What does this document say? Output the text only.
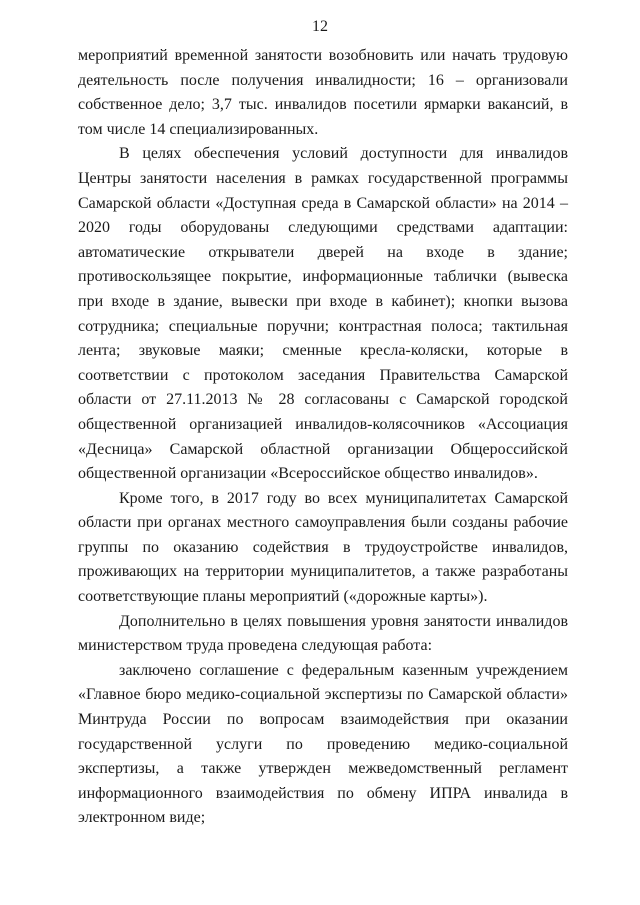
12

мероприятий временной занятости возобновить или начать трудовую деятельность после получения инвалидности; 16 – организовали собственное дело; 3,7 тыс. инвалидов посетили ярмарки вакансий, в том числе 14 специализированных.

В целях обеспечения условий доступности для инвалидов Центры занятости населения в рамках государственной программы Самарской области «Доступная среда в Самарской области» на 2014 – 2020 годы оборудованы следующими средствами адаптации: автоматические открыватели дверей на входе в здание; противоскользящее покрытие, информационные таблички (вывеска при входе в здание, вывески при входе в кабинет); кнопки вызова сотрудника; специальные поручни; контрастная полоса; тактильная лента; звуковые маяки; сменные кресла-коляски, которые в соответствии с протоколом заседания Правительства Самарской области от 27.11.2013 № 28 согласованы с Самарской городской общественной организацией инвалидов-колясочников «Ассоциация «Десница» Самарской областной организации Общероссийской общественной организации «Всероссийское общество инвалидов».

Кроме того, в 2017 году во всех муниципалитетах Самарской области при органах местного самоуправления были созданы рабочие группы по оказанию содействия в трудоустройстве инвалидов, проживающих на территории муниципалитетов, а также разработаны соответствующие планы мероприятий («дорожные карты»).

Дополнительно в целях повышения уровня занятости инвалидов министерством труда проведена следующая работа:

заключено соглашение с федеральным казенным учреждением «Главное бюро медико-социальной экспертизы по Самарской области» Минтруда России по вопросам взаимодействия при оказании государственной услуги по проведению медико-социальной экспертизы, а также утвержден межведомственный регламент информационного взаимодействия по обмену ИПРА инвалида в электронном виде;
